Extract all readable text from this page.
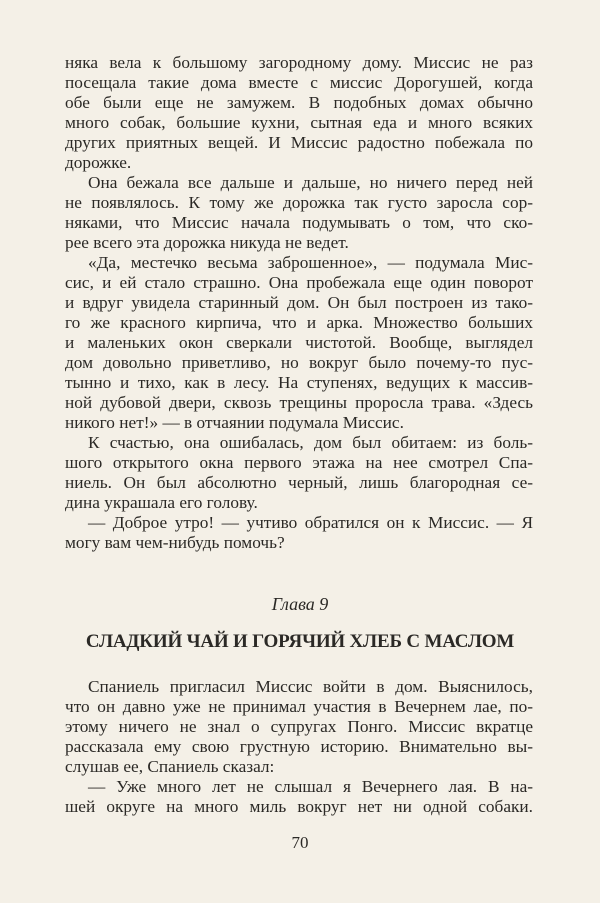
няка вела к большому загородному дому. Миссис не раз
посещала такие дома вместе с миссис Дорогушей, когда
обе были еще не замужем. В подобных домах обычно
много собак, большие кухни, сытная еда и много всяких
других приятных вещей. И Миссис радостно побежала по
дорожке.
Она бежала все дальше и дальше, но ничего перед ней
не появлялось. К тому же дорожка так густо заросла сор-
няками, что Миссис начала подумывать о том, что ско-
рее всего эта дорожка никуда не ведет.
«Да, местечко весьма заброшенное», — подумала Мис-
сис, и ей стало страшно. Она пробежала еще один поворот
и вдруг увидела старинный дом. Он был построен из тако-
го же красного кирпича, что и арка. Множество больших
и маленьких окон сверкали чистотой. Вообще, выглядел
дом довольно приветливо, но вокруг было почему-то пус-
тынно и тихо, как в лесу. На ступенях, ведущих к массив-
ной дубовой двери, сквозь трещины проросла трава. «Здесь
никого нет!» — в отчаянии подумала Миссис.
К счастью, она ошибалась, дом был обитаем: из боль-
шого открытого окна первого этажа на нее смотрел Спа-
ниель. Он был абсолютно черный, лишь благородная се-
дина украшала его голову.
— Доброе утро! — учтиво обратился он к Миссис. — Я
могу вам чем-нибудь помочь?
Глава 9
СЛАДКИЙ ЧАЙ И ГОРЯЧИЙ ХЛЕБ С МАСЛОМ
Спаниель пригласил Миссис войти в дом. Выяснилось,
что он давно уже не принимал участия в Вечернем лае, по-
этому ничего не знал о супругах Понго. Миссис вкратце
рассказала ему свою грустную историю. Внимательно вы-
слушав ее, Спаниель сказал:
— Уже много лет не слышал я Вечернего лая. В на-
шей округе на много миль вокруг нет ни одной собаки.
70
